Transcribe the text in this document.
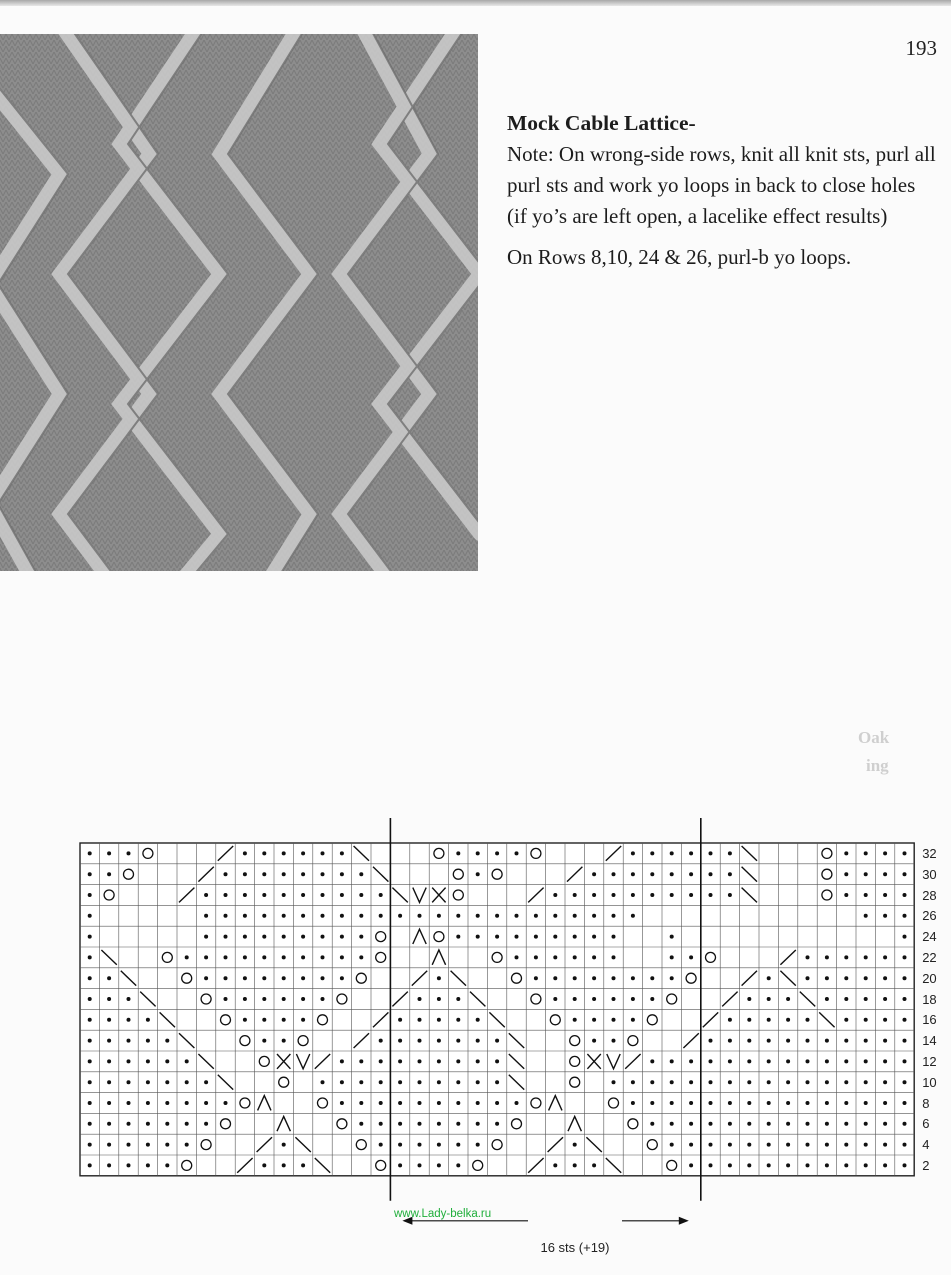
193

Mock Cable Lattice-

Note: On wrong-side rows, knit all knit sts, purl all purl sts and work yo loops in back to close holes (if yo’s are left open, a lacelike effect results)

On Rows 8,10, 24 & 26, purl-b yo loops.

Oak
ing
www.Lady-belka.ru
16 sts (+19)
32
30
28
26
24
22
20
18
16
14
12
10
8
6
4
2
